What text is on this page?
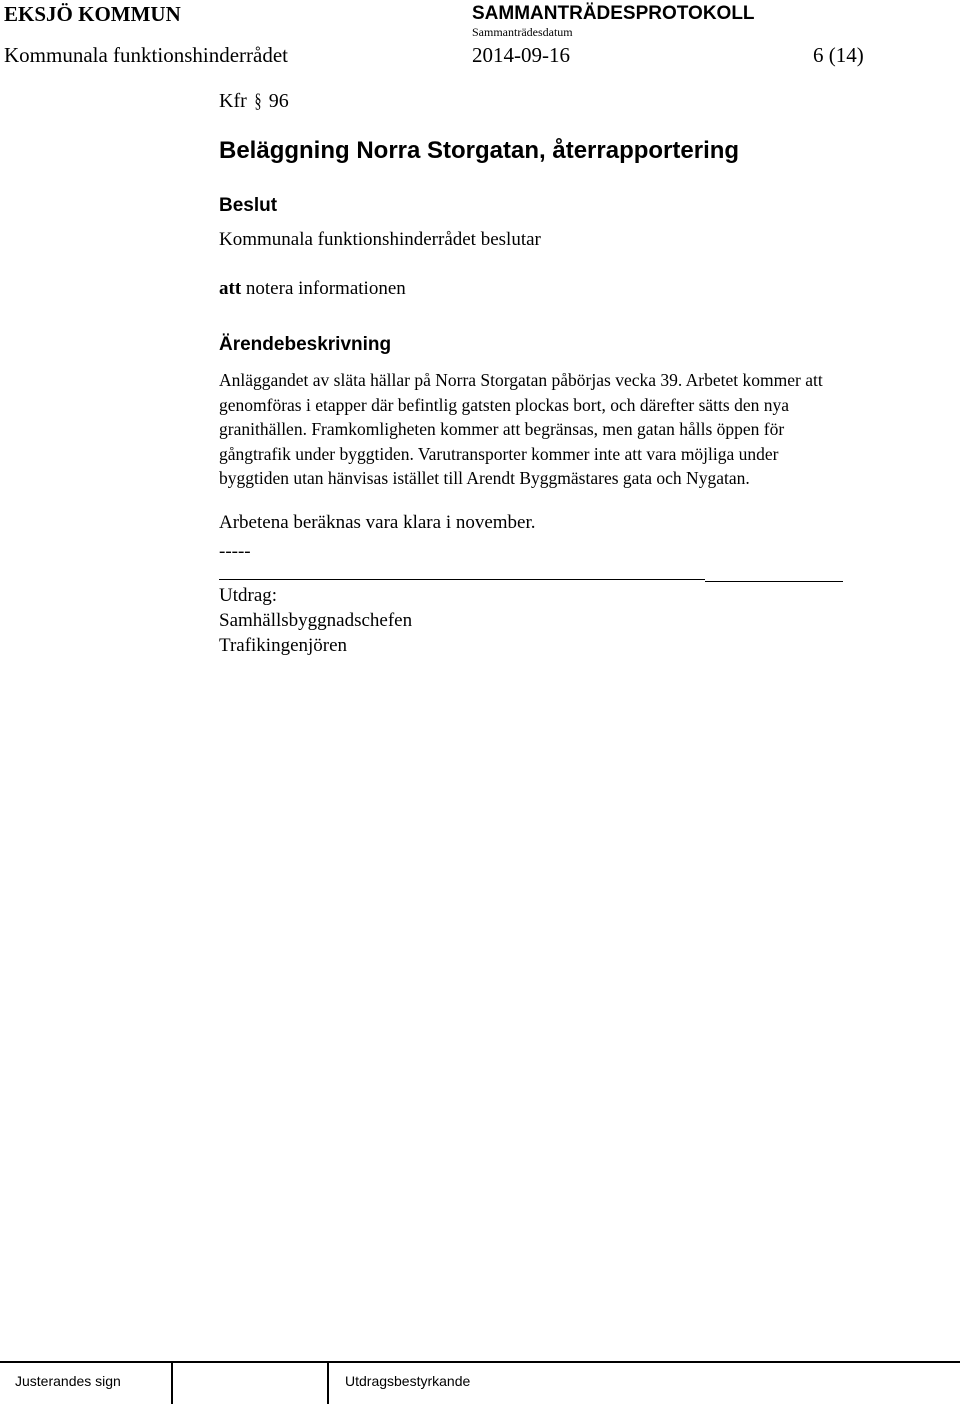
EKSJÖ KOMMUN	SAMMANTRÄDESPROTOKOLL
Sammanträdesdatum
Kommunala funktionshinderrådet	2014-09-16	6 (14)
Kfr § 96
Beläggning Norra Storgatan, återrapportering
Beslut
Kommunala funktionshinderrådet beslutar
att notera informationen
Ärendebeskrivning
Anläggandet av släta hällar på Norra Storgatan påbörjas vecka 39. Arbetet kommer att
genomföras i etapper där befintlig gatsten plockas bort, och därefter sätts den nya
granithällen. Framkomligheten kommer att begränsas, men gatan hålls öppen för
gångtrafik under byggtiden. Varutransporter kommer inte att vara möjliga under
byggtiden utan hänvisas istället till Arendt Byggmästares gata och Nygatan.
Arbetena beräknas vara klara i november.
-----
Utdrag:
Samhällsbyggnadschefen
Trafikingenjören
Justerandes sign	Utdragsbestyrkande
